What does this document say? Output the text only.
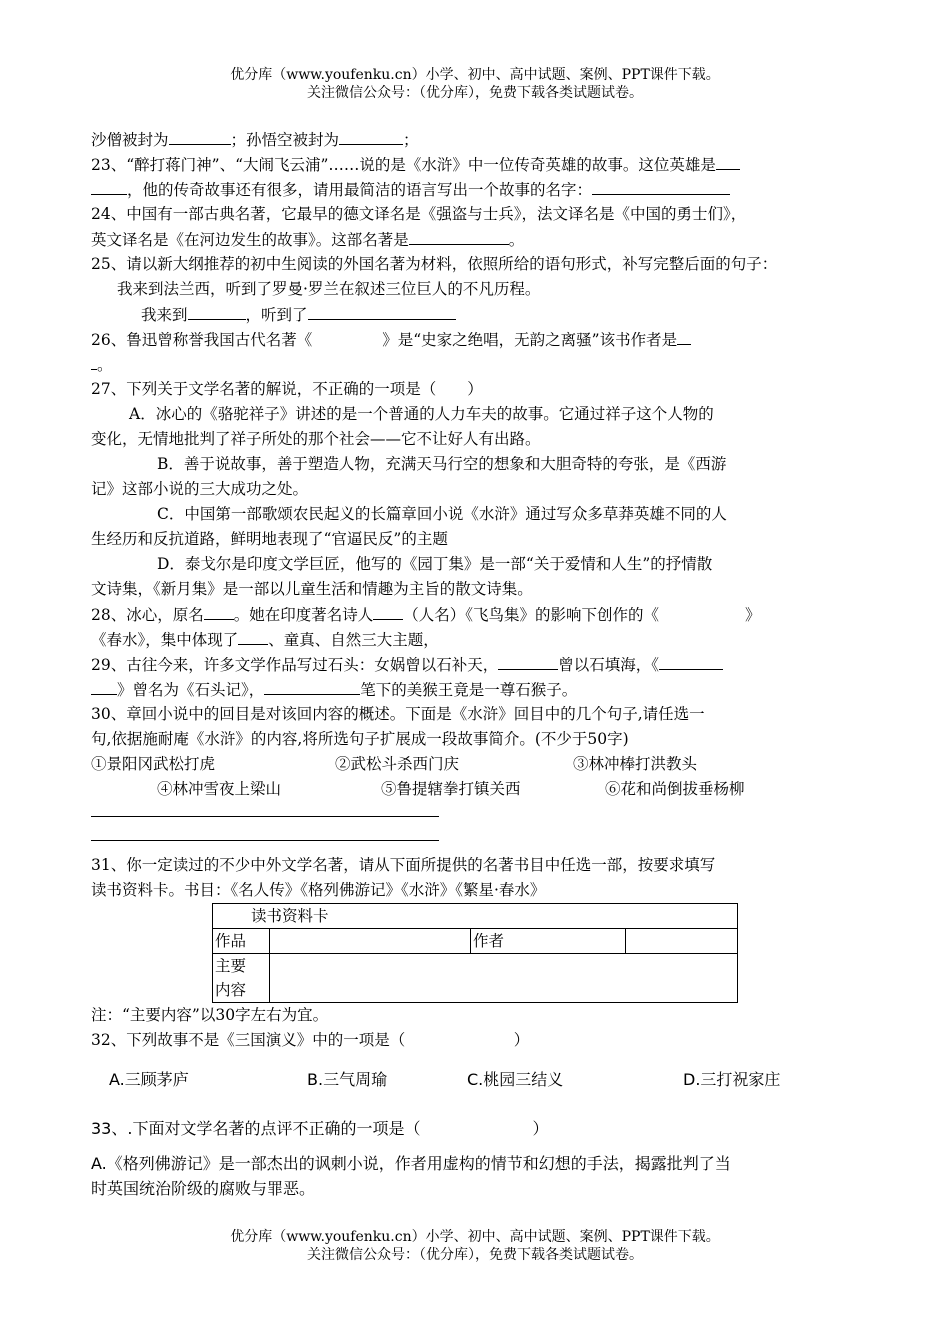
优分库（www.youfenku.cn）小学、初中、高中试题、案例、PPT课件下载。
关注微信公众号：（优分库），免费下载各类试题试卷。
沙僧被封为	；孙悟空被封为	；
23、“醉打蒋门神”、“大闹飞云浦”……说的是《水浒》中一位传奇英雄的故事。这位英雄是
，他的传奇故事还有很多，请用最简洁的语言写出一个故事的名字：
24、中国有一部古典名著，它最早的德文译名是《强盗与士兵》，法文译名是《中国的勇士们》，
英文译名是《在河边发生的故事》。这部名著是	。
25、请以新大纲推荐的初中生阅读的外国名著为材料，依照所给的语句形式，补写完整后面的句子：
我来到法兰西，听到了罗曼·罗兰在叙述三位巨人的不凡历程。
我来到	，听到了
26、鲁迅曾称誉我国古代名著《	》是“史家之绝唱，无韵之离骚”该书作者是
。
27、下列关于文学名著的解说，不正确的一项是（　　）
A．冰心的《骆驼祥子》讲述的是一个普通的人力车夫的故事。它通过祥子这个人物的
变化，无情地批判了祥子所处的那个社会——它不让好人有出路。
B．善于说故事，善于塑造人物，充满天马行空的想象和大胆奇特的夸张，是《西游
记》这部小说的三大成功之处。
C．中国第一部歌颂农民起义的长篇章回小说《水浒》通过写众多草莽英雄不同的人
生经历和反抗道路，鲜明地表现了“官逼民反”的主题
D．泰戈尔是印度文学巨匠，他写的《园丁集》是一部“关于爱情和人生”的抒情散
文诗集，《新月集》是一部以儿童生活和情趣为主旨的散文诗集。
28、冰心，原名 。她在印度著名诗人 （人名）《飞鸟集》的影响下创作的《	》
《春水》，集中体现了 、童真、自然三大主题，
29、古往今来，许多文学作品写过石头：女娲曾以石补天，	曾以石填海，《
》曾名为《石头记》，	笔下的美猴王竟是一尊石猴子。
30、章回小说中的回目是对该回内容的概述。下面是《水浒》回目中的几个句子,请任选一
句,依据施耐庵《水浒》的内容,将所选句子扩展成一段故事简介。(不少于50字)
①景阳冈武松打虎	②武松斗杀西门庆	③林冲棒打洪教头
④林冲雪夜上梁山	⑤鲁提辖拳打镇关西	⑥花和尚倒拔垂杨柳
31、你一定读过的不少中外文学名著，请从下面所提供的名著书目中任选一部，按要求填写
读书资料卡。书目：《名人传》《格列佛游记》《水浒》《繁星·春水》
读书资料卡			
作品		作者	

主要
内容			

注：“主要内容”以30字左右为宜。
32、下列故事不是《三国演义》中的一项是（　　　　　　　）
A.三顾茅庐	B.三气周瑜	C.桃园三结义	D.三打祝家庄
33、.下面对文学名著的点评不正确的一项是（　　　　　　　）
A.《格列佛游记》是一部杰出的讽刺小说，作者用虚构的情节和幻想的手法，揭露批判了当
时英国统治阶级的腐败与罪恶。
优分库（www.youfenku.cn）小学、初中、高中试题、案例、PPT课件下载。
关注微信公众号：（优分库），免费下载各类试题试卷。
